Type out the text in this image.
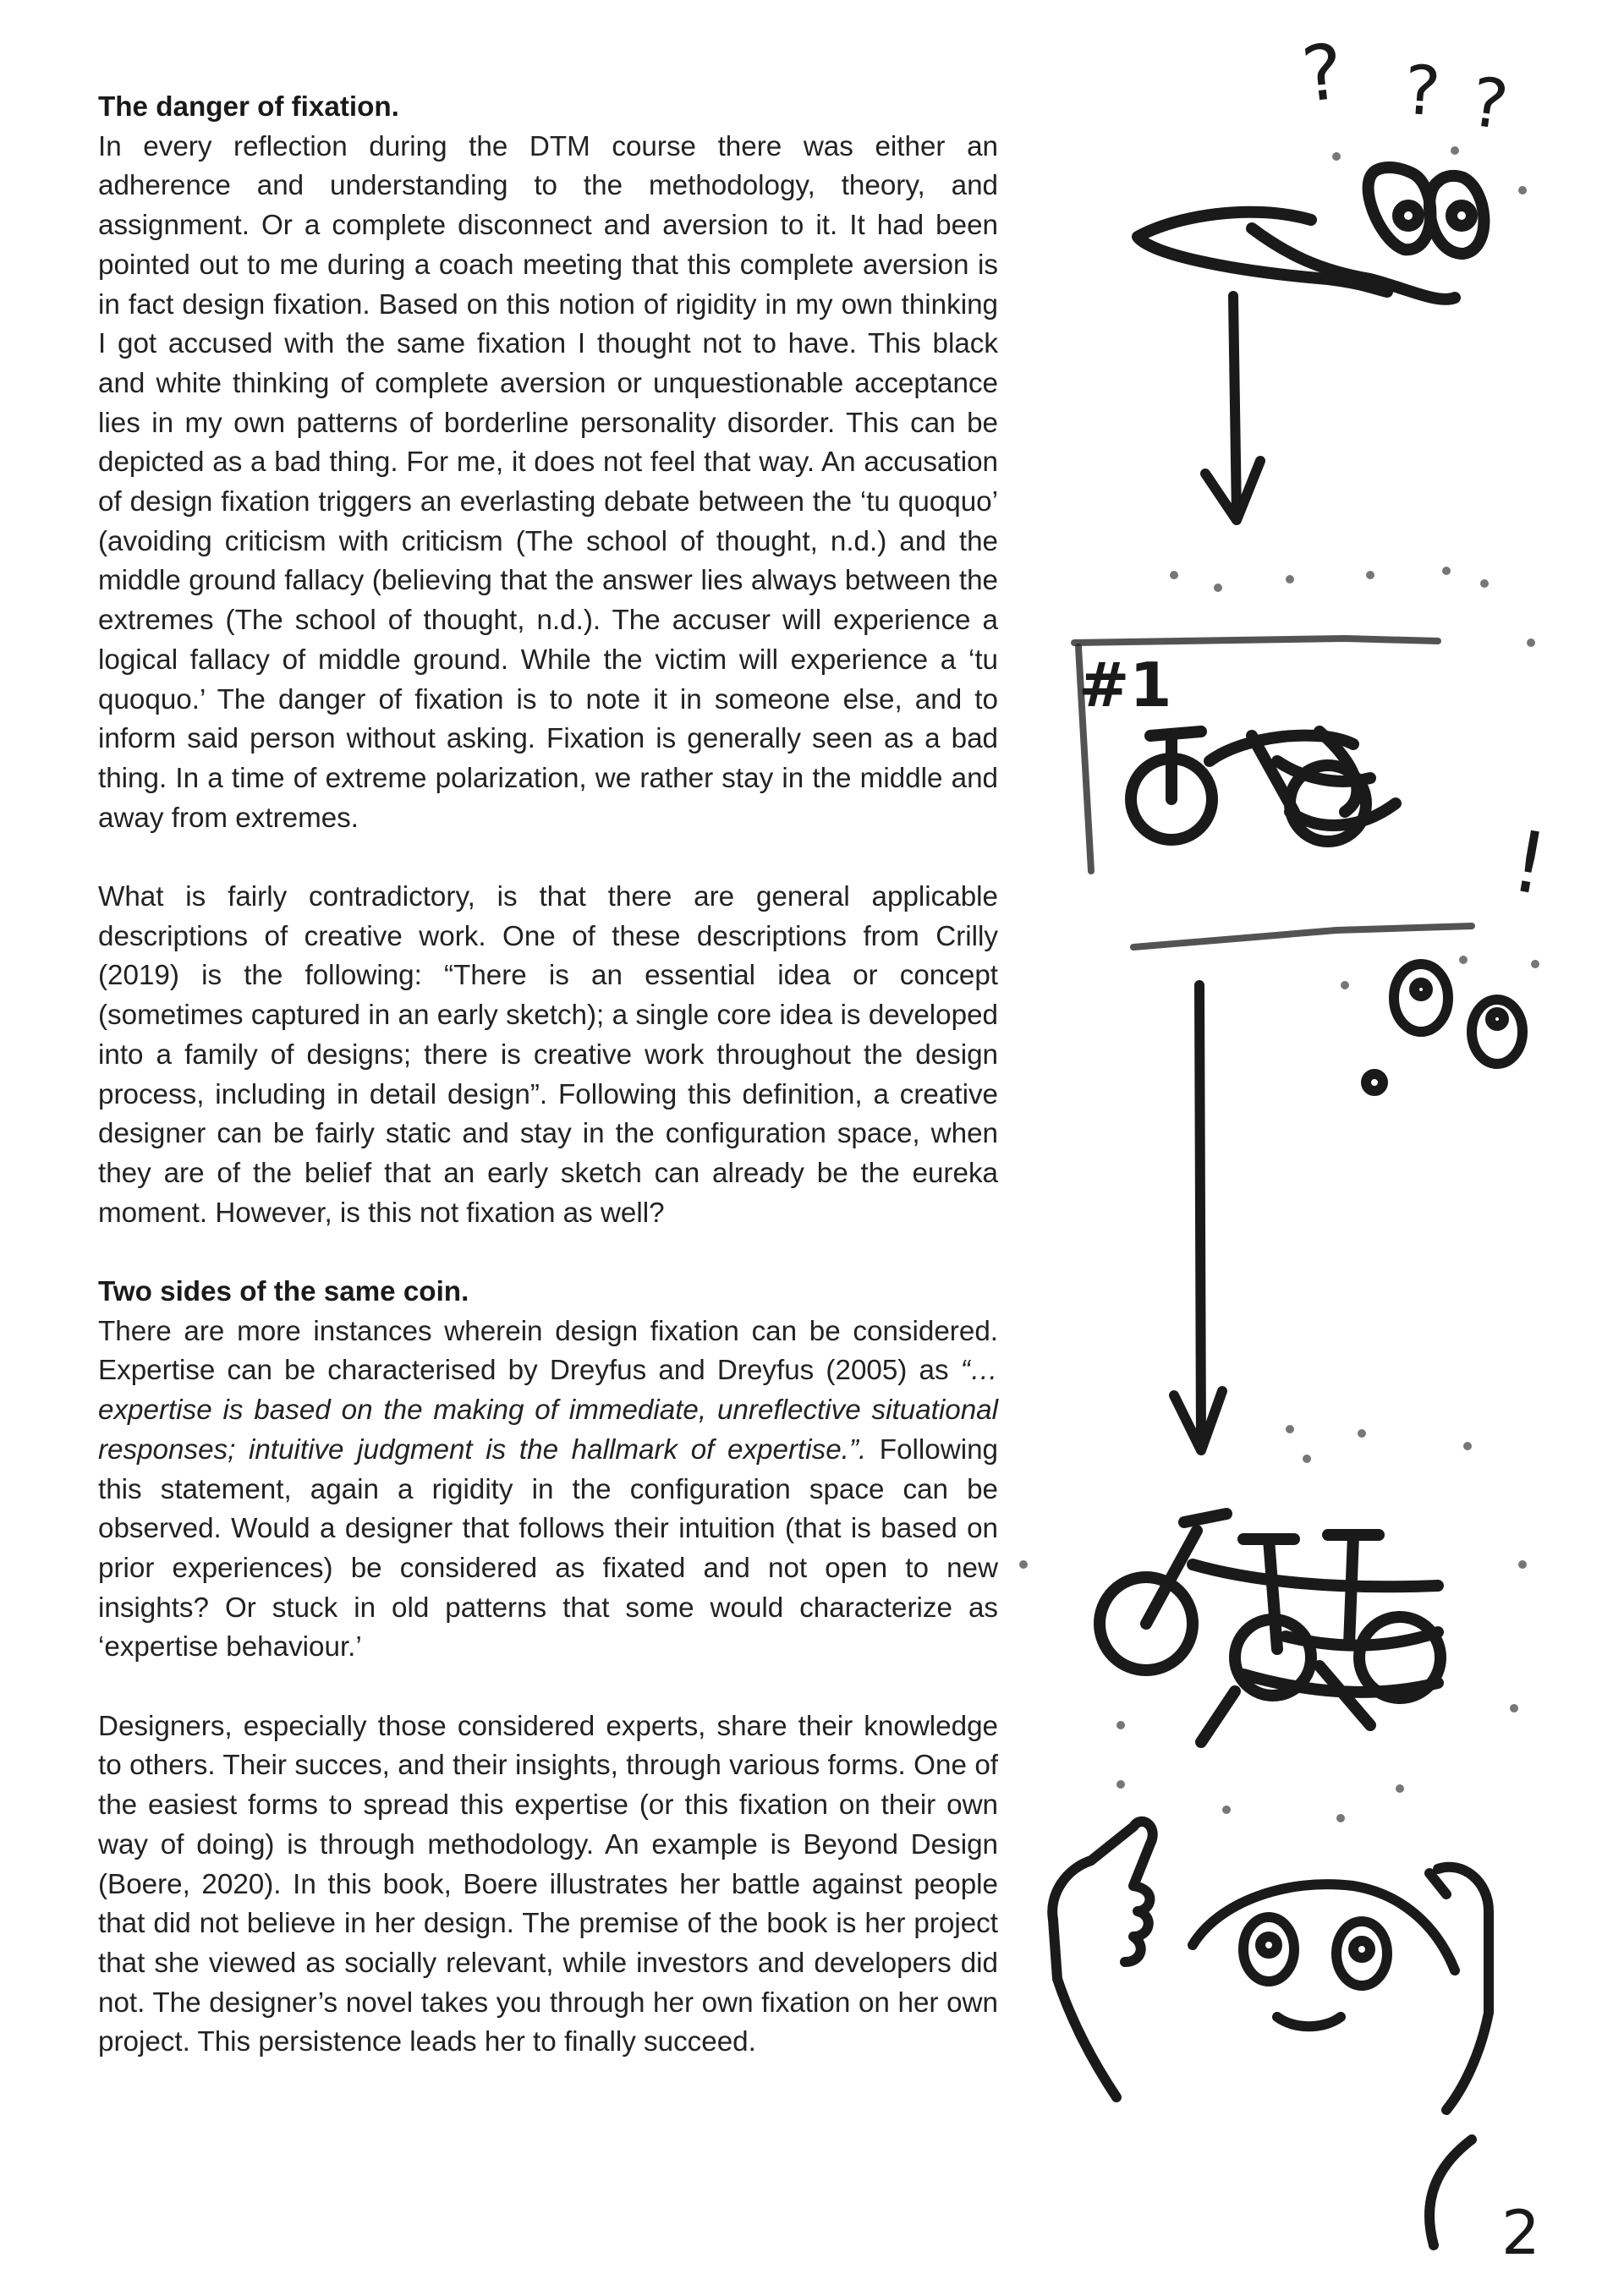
The danger of fixation.

In every reflection during the DTM course there was either an adherence and understanding to the methodology, theory, and assignment. Or a complete disconnect and aversion to it. It had been pointed out to me during a coach meeting that this complete aversion is in fact design fixation. Based on this notion of rigidity in my own thinking I got accused with the same fixation I thought not to have. This black and white thinking of complete aversion or unquestionable acceptance lies in my own patterns of borderline personality disorder. This can be depicted as a bad thing. For me, it does not feel that way. An accusation of design fixation triggers an everlasting debate between the ‘tu quoquo’ (avoiding criticism with criticism (The school of thought, n.d.) and the middle ground fallacy (believing that the answer lies always between the extremes (The school of thought, n.d.). The accuser will experience a logical fallacy of middle ground. While the victim will experience a ‘tu quoquo.’ The danger of fixation is to note it in someone else, and to inform said person without asking. Fixation is generally seen as a bad thing. In a time of extreme polarization, we rather stay in the middle and away from extremes.

What is fairly contradictory, is that there are general applicable descriptions of creative work. One of these descriptions from Crilly (2019) is the following: “There is an essential idea or concept (sometimes captured in an early sketch); a single core idea is developed into a family of designs; there is creative work throughout the design process, including in detail design”. Following this definition, a creative designer can be fairly static and stay in the configuration space, when they are of the belief that an early sketch can already be the eureka moment. However, is this not fixation as well?

Two sides of the same coin.

There are more instances wherein design fixation can be considered. Expertise can be characterised by Dreyfus and Dreyfus (2005) as “… expertise is based on the making of immediate, unreflective situational responses; intuitive judgment is the hallmark of expertise.”. Following this statement, again a rigidity in the configuration space can be observed. Would a designer that follows their intuition (that is based on prior experiences) be considered as fixated and not open to new insights? Or stuck in old patterns that some would characterize as ‘expertise behaviour.’

Designers, especially those considered experts, share their knowledge to others. Their succes, and their insights, through various forms. One of the easiest forms to spread this expertise (or this fixation on their own way of doing) is through methodology. An example is Beyond Design (Boere, 2020). In this book, Boere illustrates her battle against people that did not believe in her design. The premise of the book is her project that she viewed as socially relevant, while investors and developers did not. The designer’s novel takes you through her own fixation on her own project. This persistence leads her to finally succeed.

? ? ?
#1
!
2
